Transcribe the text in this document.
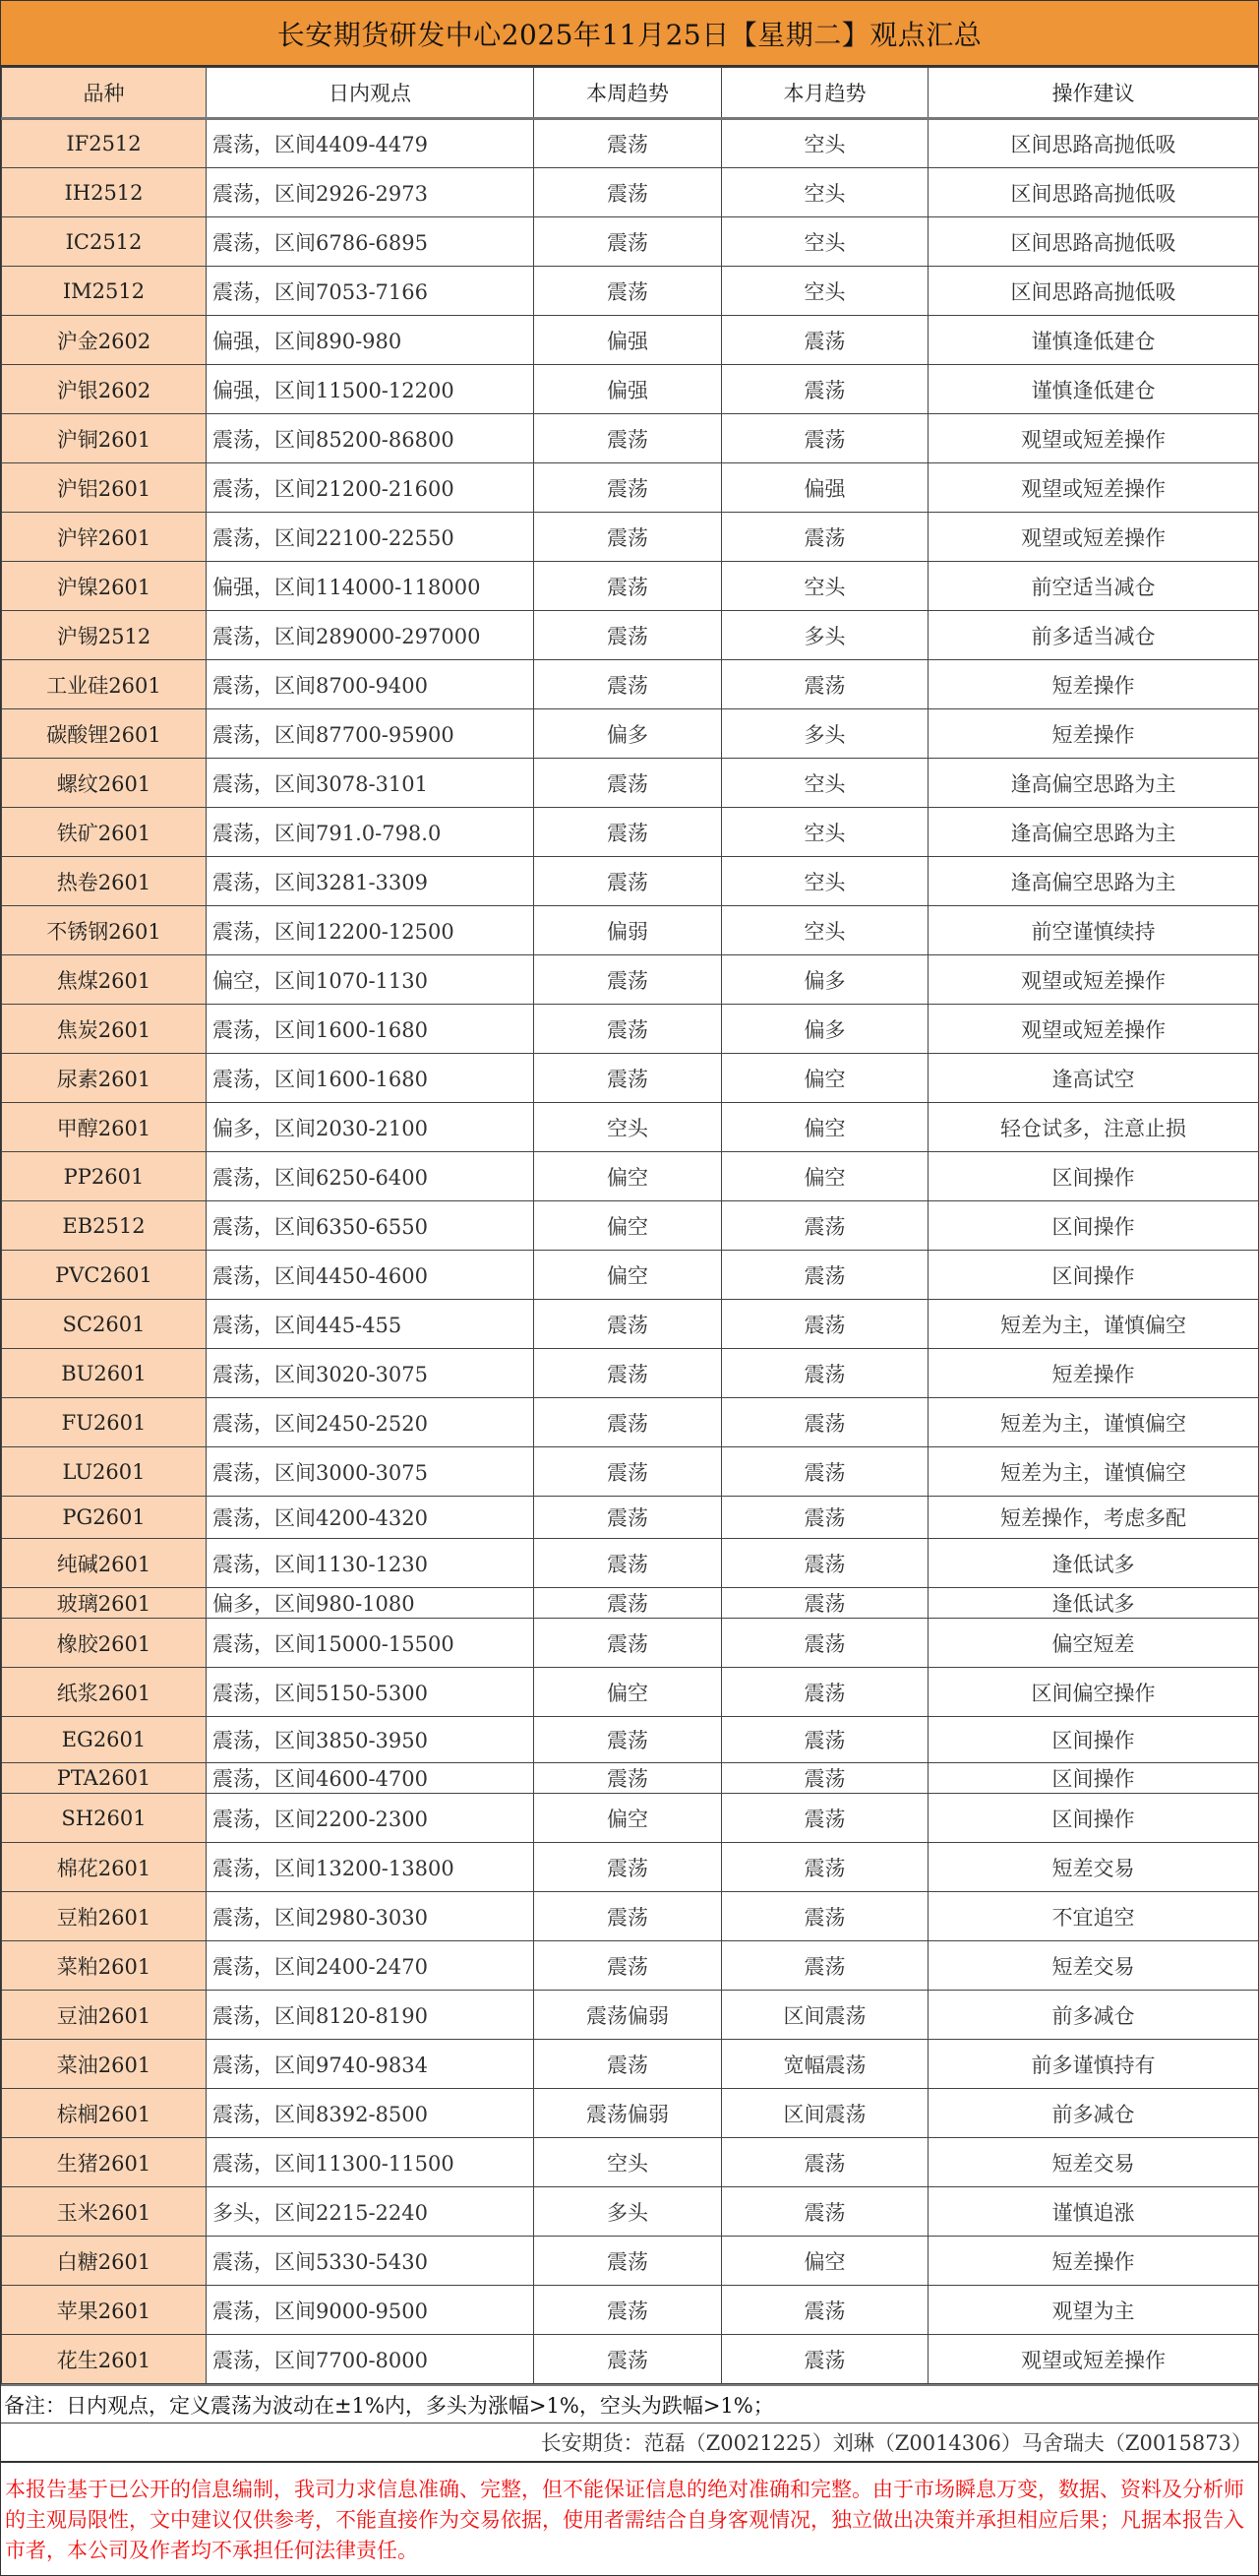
长安期货研发中心2025年11月25日【星期二】观点汇总
品种	日内观点	本周趋势	本月趋势	操作建议
IF2512	震荡，区间4409-4479	震荡	空头	区间思路高抛低吸
IH2512	震荡，区间2926-2973	震荡	空头	区间思路高抛低吸
IC2512	震荡，区间6786-6895	震荡	空头	区间思路高抛低吸
IM2512	震荡，区间7053-7166	震荡	空头	区间思路高抛低吸
沪金2602	偏强，区间890-980	偏强	震荡	谨慎逢低建仓
沪银2602	偏强，区间11500-12200	偏强	震荡	谨慎逢低建仓
沪铜2601	震荡，区间85200-86800	震荡	震荡	观望或短差操作
沪铝2601	震荡，区间21200-21600	震荡	偏强	观望或短差操作
沪锌2601	震荡，区间22100-22550	震荡	震荡	观望或短差操作
沪镍2601	偏强，区间114000-118000	震荡	空头	前空适当减仓
沪锡2512	震荡，区间289000-297000	震荡	多头	前多适当减仓
工业硅2601	震荡，区间8700-9400	震荡	震荡	短差操作
碳酸锂2601	震荡，区间87700-95900	偏多	多头	短差操作
螺纹2601	震荡，区间3078-3101	震荡	空头	逢高偏空思路为主
铁矿2601	震荡，区间791.0-798.0	震荡	空头	逢高偏空思路为主
热卷2601	震荡，区间3281-3309	震荡	空头	逢高偏空思路为主
不锈钢2601	震荡，区间12200-12500	偏弱	空头	前空谨慎续持
焦煤2601	偏空，区间1070-1130	震荡	偏多	观望或短差操作
焦炭2601	震荡，区间1600-1680	震荡	偏多	观望或短差操作
尿素2601	震荡，区间1600-1680	震荡	偏空	逢高试空
甲醇2601	偏多，区间2030-2100	空头	偏空	轻仓试多，注意止损
PP2601	震荡，区间6250-6400	偏空	偏空	区间操作
EB2512	震荡，区间6350-6550	偏空	震荡	区间操作
PVC2601	震荡，区间4450-4600	偏空	震荡	区间操作
SC2601	震荡，区间445-455	震荡	震荡	短差为主，谨慎偏空
BU2601	震荡，区间3020-3075	震荡	震荡	短差操作
FU2601	震荡，区间2450-2520	震荡	震荡	短差为主，谨慎偏空
LU2601	震荡，区间3000-3075	震荡	震荡	短差为主，谨慎偏空
PG2601	震荡，区间4200-4320	震荡	震荡	短差操作，考虑多配
纯碱2601	震荡，区间1130-1230	震荡	震荡	逢低试多
玻璃2601	偏多，区间980-1080	震荡	震荡	逢低试多
橡胶2601	震荡，区间15000-15500	震荡	震荡	偏空短差
纸浆2601	震荡，区间5150-5300	偏空	震荡	区间偏空操作
EG2601	震荡，区间3850-3950	震荡	震荡	区间操作
PTA2601	震荡，区间4600-4700	震荡	震荡	区间操作
SH2601	震荡，区间2200-2300	偏空	震荡	区间操作
棉花2601	震荡，区间13200-13800	震荡	震荡	短差交易
豆粕2601	震荡，区间2980-3030	震荡	震荡	不宜追空
菜粕2601	震荡，区间2400-2470	震荡	震荡	短差交易
豆油2601	震荡，区间8120-8190	震荡偏弱	区间震荡	前多减仓
菜油2601	震荡，区间9740-9834	震荡	宽幅震荡	前多谨慎持有
棕榈2601	震荡，区间8392-8500	震荡偏弱	区间震荡	前多减仓
生猪2601	震荡，区间11300-11500	空头	震荡	短差交易
玉米2601	多头，区间2215-2240	多头	震荡	谨慎追涨
白糖2601	震荡，区间5330-5430	震荡	偏空	短差操作
苹果2601	震荡，区间9000-9500	震荡	震荡	观望为主
花生2601	震荡，区间7700-8000	震荡	震荡	观望或短差操作
备注：日内观点，定义震荡为波动在±1%内，多头为涨幅>1%，空头为跌幅>1%；
长安期货：范磊（Z0021225）刘琳（Z0014306）马舍瑞夫（Z0015873）
本报告基于已公开的信息编制，我司力求信息准确、完整，但不能保证信息的绝对准确和完整。由于市场瞬息万变，数据、资料及分析师的主观局限性，文中建议仅供参考，不能直接作为交易依据，使用者需结合自身客观情况，独立做出决策并承担相应后果；凡据本报告入市者，本公司及作者均不承担任何法律责任。
